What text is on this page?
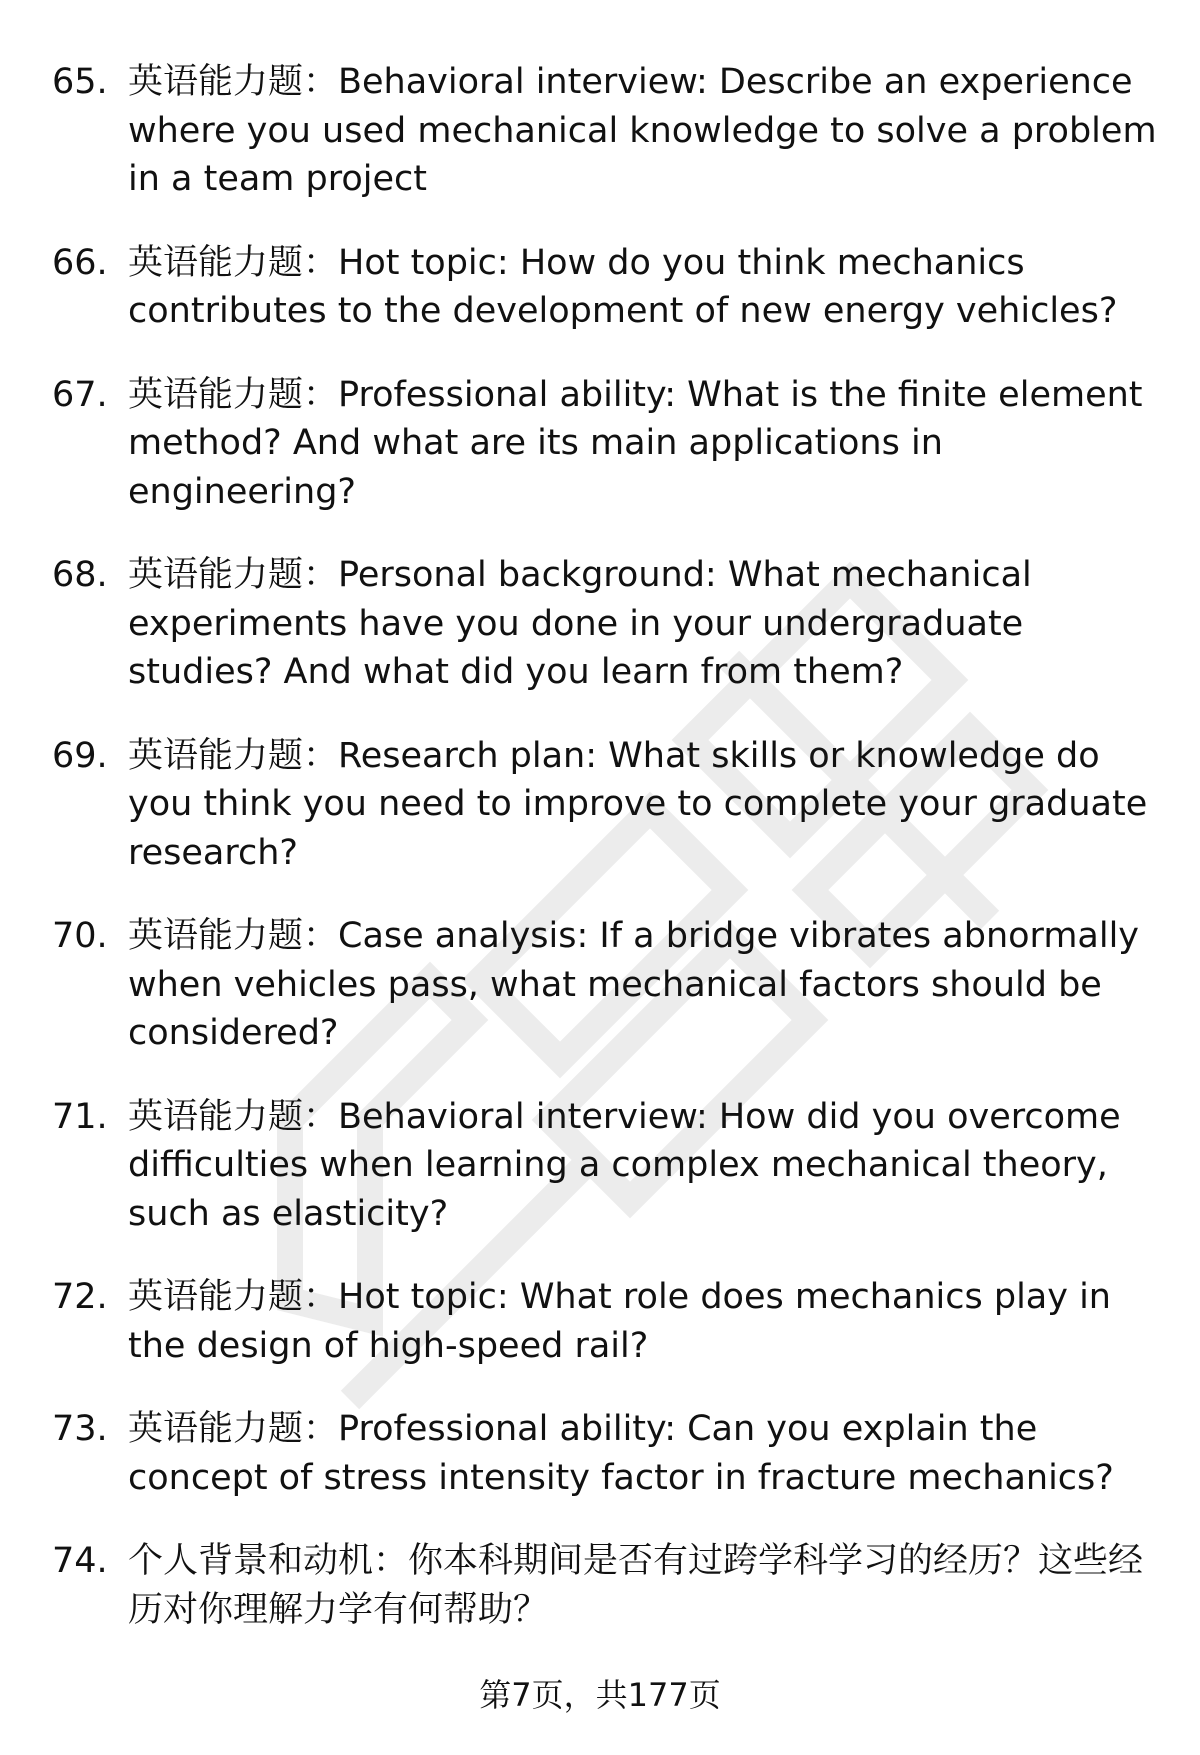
65. 英语能力题：Behavioral interview: Describe an experience where you used mechanical knowledge to solve a problem in a team project
66. 英语能力题：Hot topic: How do you think mechanics contributes to the development of new energy vehicles?
67. 英语能力题：Professional ability: What is the finite element method? And what are its main applications in engineering?
68. 英语能力题：Personal background: What mechanical experiments have you done in your undergraduate studies? And what did you learn from them?
69. 英语能力题：Research plan: What skills or knowledge do you think you need to improve to complete your graduate research?
70. 英语能力题：Case analysis: If a bridge vibrates abnormally when vehicles pass, what mechanical factors should be considered?
71. 英语能力题：Behavioral interview: How did you overcome difficulties when learning a complex mechanical theory, such as elasticity?
72. 英语能力题：Hot topic: What role does mechanics play in the design of high-speed rail?
73. 英语能力题：Professional ability: Can you explain the concept of stress intensity factor in fracture mechanics?
74. 个人背景和动机：你本科期间是否有过跨学科学习的经历？这些经历对你理解力学有何帮助？
第7页，共177页
